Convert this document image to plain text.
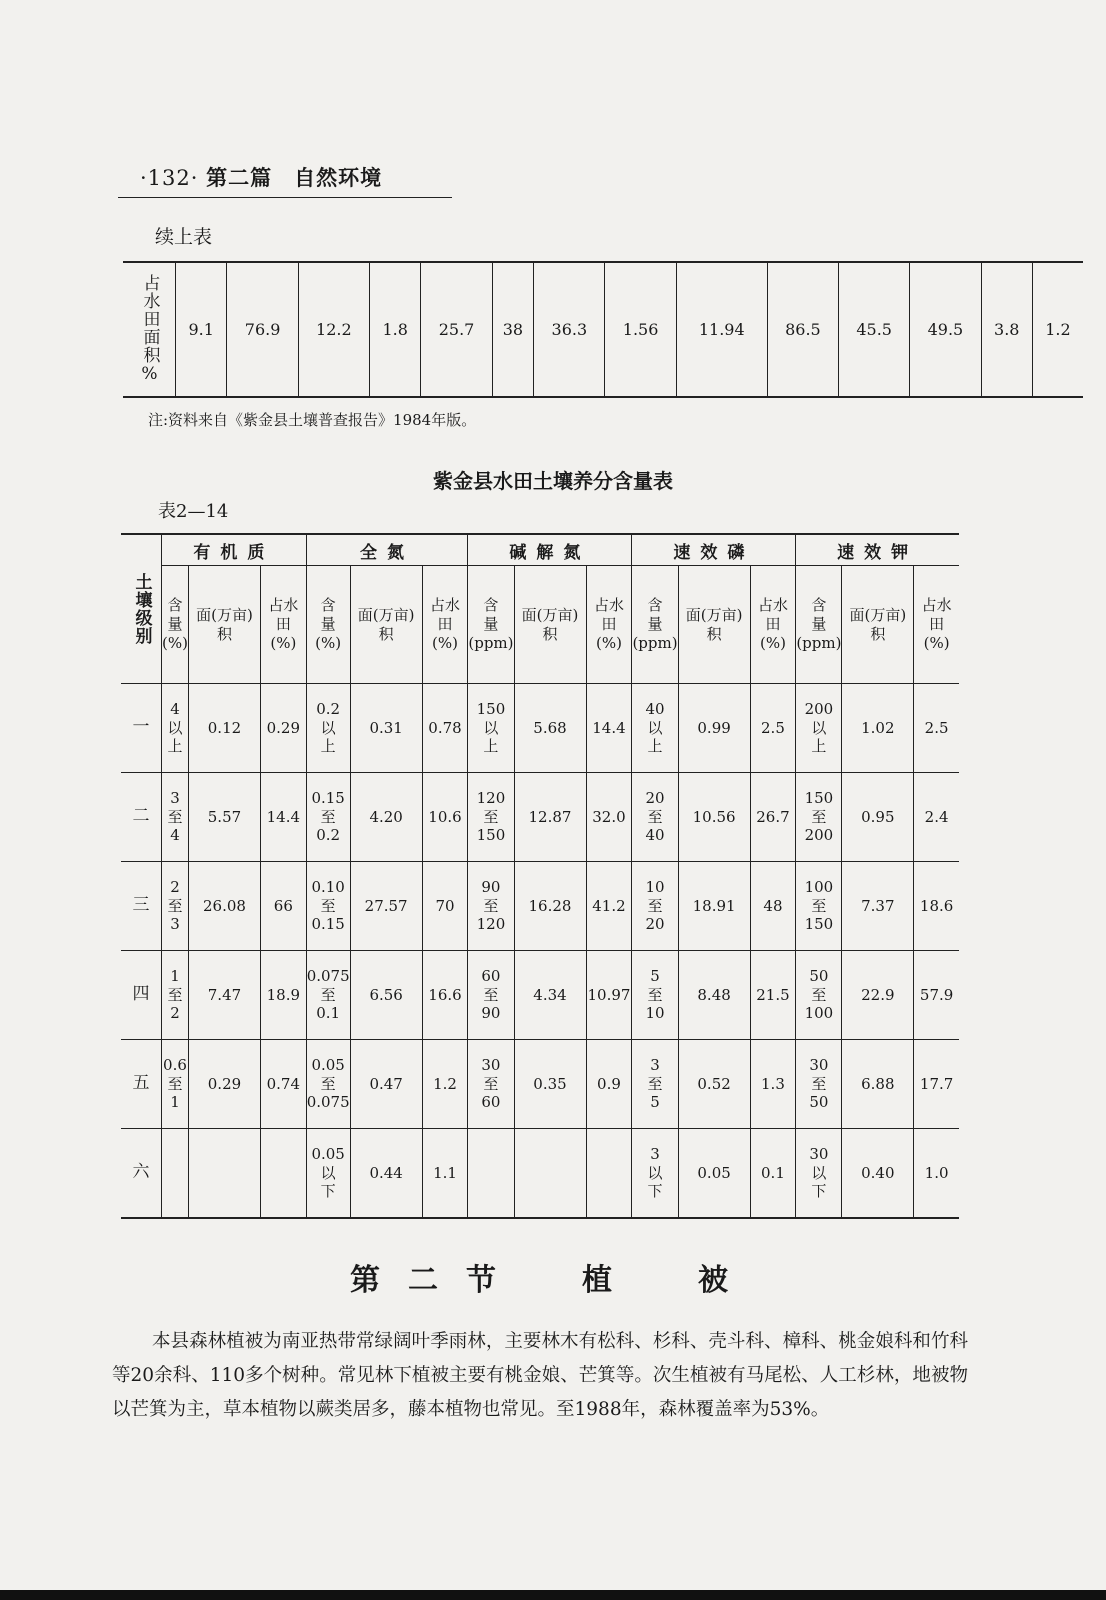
·132· 第二篇　自然环境
续上表
占水田面积%	9.1	76.9	12.2	1.8	25.7	38	36.3	1.56	11.94	86.5	45.5	49.5	3.8	1.2
注:资料来自《紫金县土壤普查报告》1984年版。
紫金县水田土壤养分含量表
表2—14
土壤级别	有机质			全氮			碱解氮			速效磷			速效钾		

	含
量
(%)	面(万亩)积	占水田
(%)	含
量
(%)	面(万亩)积	占水田
(%)	含
量
(ppm)	面(万亩)积	占水田
(%)	含
量
(ppm)	面(万亩)积	占水田
(%)	含
量
(ppm)	面(万亩)积	占水田
(%)

一	4
以
上	0.12	0.29	0.2
以
上	0.31	0.78	150
以
上	5.68	14.4	40
以
上	0.99	2.5	200
以
上	1.02	2.5
二	3
至
4	5.57	14.4	0.15
至
0.2	4.20	10.6	120
至
150	12.87	32.0	20
至
40	10.56	26.7	150
至
200	0.95	2.4
三	2
至
3	26.08	66	0.10
至
0.15	27.57	70	90
至
120	16.28	41.2	10
至
20	18.91	48	100
至
150	7.37	18.6
四	1
至
2	7.47	18.9	0.075
至
0.1	6.56	16.6	60
至
90	4.34	10.97	5
至
10	8.48	21.5	50
至
100	22.9	57.9
五	0.6
至
1	0.29	0.74	0.05
至
0.075	0.47	1.2	30
至
60	0.35	0.9	3
至
5	0.52	1.3	30
至
50	6.88	17.7
六				0.05
以
下	0.44	1.1				3
以
下	0.05	0.1	30
以
下	0.40	1.0
第二节　植　被
本县森林植被为南亚热带常绿阔叶季雨林，主要林木有松科、杉科、壳斗科、樟科、桃金娘科和竹科等20余科、110多个树种。常见林下植被主要有桃金娘、芒箕等。次生植被有马尾松、人工杉林，地被物以芒箕为主，草本植物以蕨类居多，藤本植物也常见。至1988年，森林覆盖率为53%。
